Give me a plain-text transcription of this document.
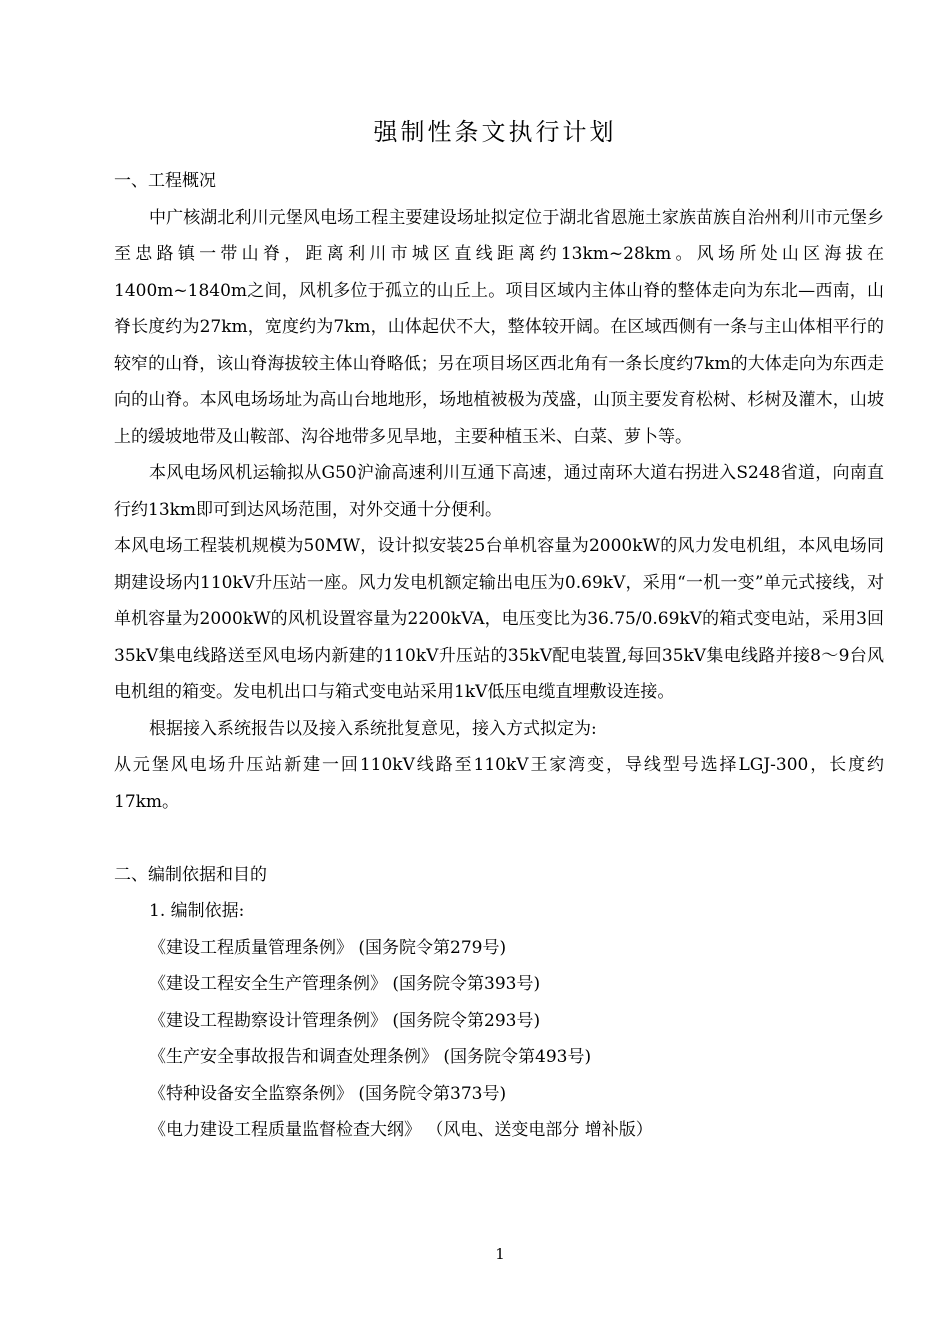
强制性条文执行计划

一、工程概况

中广核湖北利川元堡风电场工程主要建设场址拟定位于湖北省恩施土家族苗族自治州利川市元堡乡至忠路镇一带山脊，距离利川市城区直线距离约13km~28km。风场所处山区海拔在1400m~1840m之间，风机多位于孤立的山丘上。项目区域内主体山脊的整体走向为东北—西南，山脊长度约为27km，宽度约为7km，山体起伏不大，整体较开阔。在区域西侧有一条与主山体相平行的较窄的山脊，该山脊海拔较主体山脊略低；另在项目场区西北角有一条长度约7km的大体走向为东西走向的山脊。本风电场场址为高山台地地形，场地植被极为茂盛，山顶主要发育松树、杉树及灌木，山坡上的缓坡地带及山鞍部、沟谷地带多见旱地，主要种植玉米、白菜、萝卜等。

本风电场风机运输拟从G50沪渝高速利川互通下高速，通过南环大道右拐进入S248省道，向南直行约13km即可到达风场范围，对外交通十分便利。

本风电场工程装机规模为50MW，设计拟安装25台单机容量为2000kW的风力发电机组，本风电场同期建设场内110kV升压站一座。风力发电机额定输出电压为0.69kV，采用“一机一变”单元式接线，对单机容量为2000kW的风机设置容量为2200kVA，电压变比为36.75/0.69kV的箱式变电站，采用3回35kV集电线路送至风电场内新建的110kV升压站的35kV配电装置,每回35kV集电线路并接8～9台风电机组的箱变。发电机出口与箱式变电站采用1kV低压电缆直埋敷设连接。

根据接入系统报告以及接入系统批复意见，接入方式拟定为:

从元堡风电场升压站新建一回110kV线路至110kV王家湾变，导线型号选择LGJ-300，长度约17km。

二、编制依据和目的

1. 编制依据:

《建设工程质量管理条例》 (国务院令第279号)

《建设工程安全生产管理条例》 (国务院令第393号)

《建设工程勘察设计管理条例》 (国务院令第293号)

《生产安全事故报告和调查处理条例》 (国务院令第493号)

《特种设备安全监察条例》 (国务院令第373号)

《电力建设工程质量监督检查大纲》 （风电、送变电部分 增补版）

1
